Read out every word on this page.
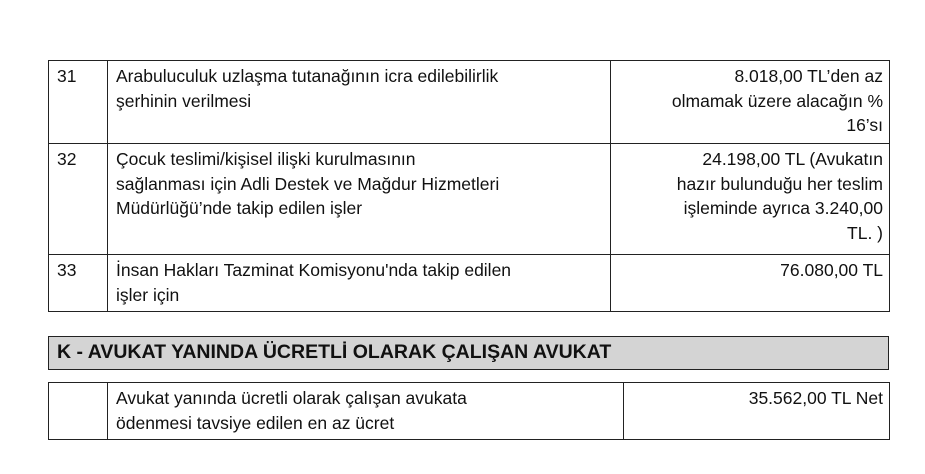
31	Arabuluculuk uzlaşma tutanağının icra edilebilirlik
şerhinin verilmesi	8.018,00 TL’den az
olmamak üzere alacağın %
16’sı
32	Çocuk teslimi/kişisel ilişki kurulmasının
sağlanması için Adli Destek ve Mağdur Hizmetleri
Müdürlüğü’nde takip edilen işler	24.198,00 TL (Avukatın
hazır bulunduğu her teslim
işleminde ayrıca 3.240,00
TL. )
33	İnsan Hakları Tazminat Komisyonu'nda takip edilen
işler için	76.080,00 TL
K - AVUKAT YANINDA ÜCRETLİ OLARAK ÇALIŞAN AVUKAT
	Avukat yanında ücretli olarak çalışan avukata
ödenmesi tavsiye edilen en az ücret	35.562,00 TL Net
